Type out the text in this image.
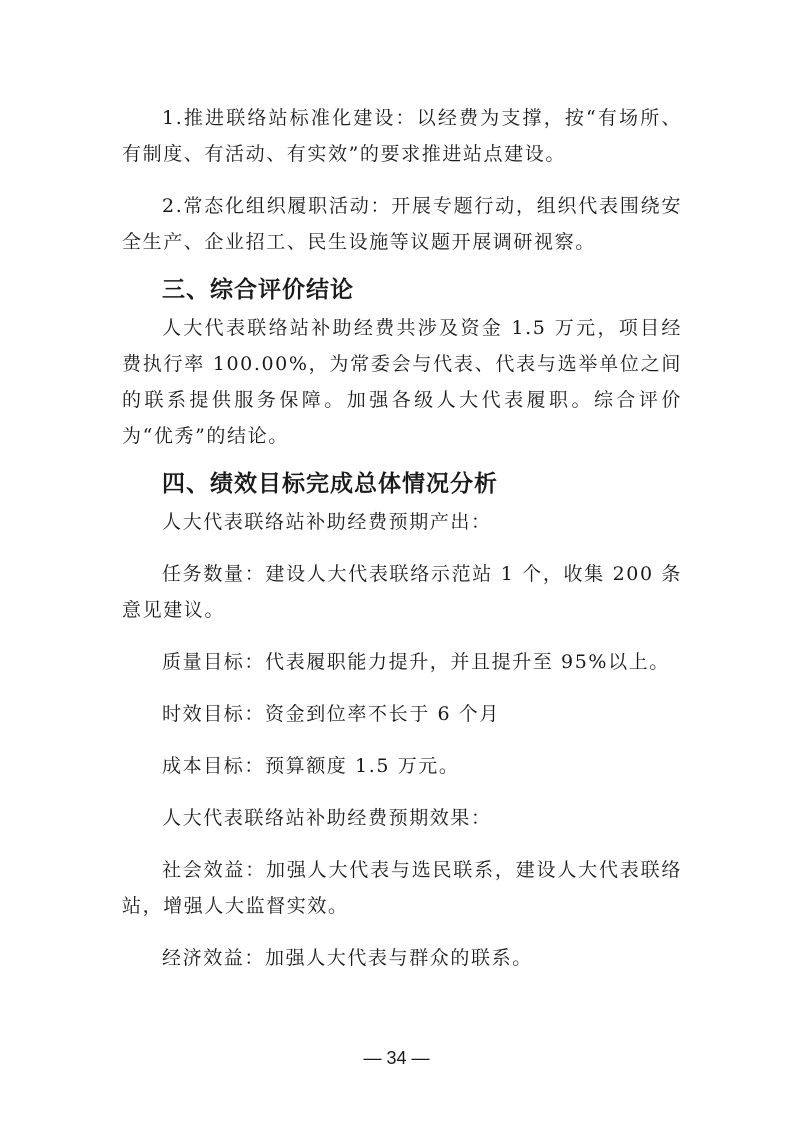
1.推进联络站标准化建设：以经费为支撑，按“有场所、有制度、有活动、有实效”的要求推进站点建设。

2.常态化组织履职活动：开展专题行动，组织代表围绕安全生产、企业招工、民生设施等议题开展调研视察。

三、综合评价结论

人大代表联络站补助经费共涉及资金 1.5 万元，项目经费执行率 100.00%，为常委会与代表、代表与选举单位之间的联系提供服务保障。加强各级人大代表履职。综合评价为“优秀”的结论。

四、绩效目标完成总体情况分析

人大代表联络站补助经费预期产出：

任务数量：建设人大代表联络示范站 1 个，收集 200 条意见建议。

质量目标：代表履职能力提升，并且提升至 95%以上。

时效目标：资金到位率不长于 6 个月

成本目标：预算额度 1.5 万元。

人大代表联络站补助经费预期效果：

社会效益：加强人大代表与选民联系，建设人大代表联络站，增强人大监督实效。

经济效益：加强人大代表与群众的联系。

— 34 —
